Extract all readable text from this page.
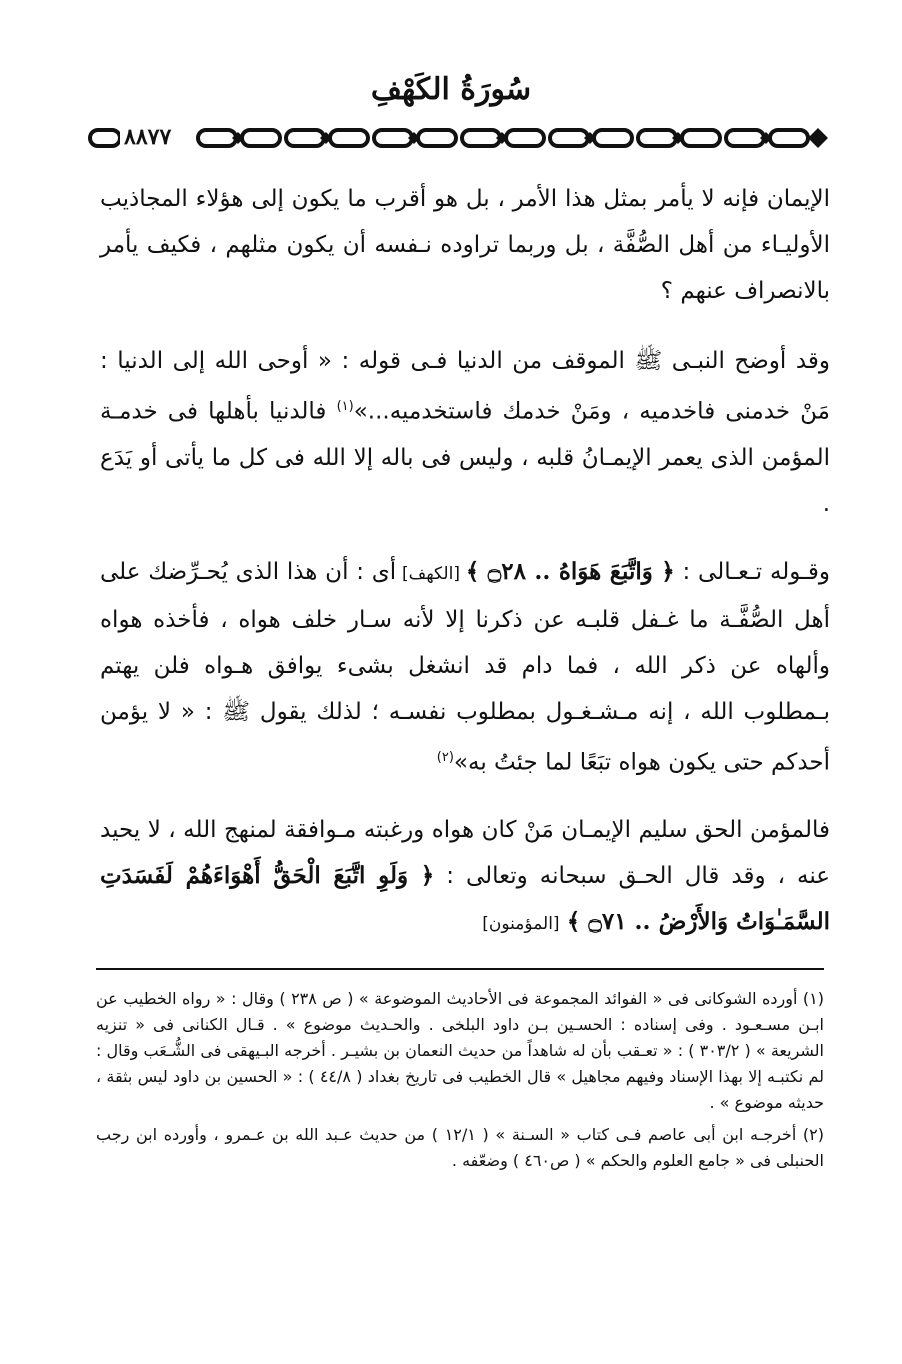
سُورَةُ الكَهْفِ
٨٨٧٧

الإيمان فإنه لا يأمر بمثل هذا الأمر ، بل هو أقرب ما يكون إلى هؤلاء المجاذيب الأوليـاء من أهل الصُّفَّة ، بل وربما تراوده نـفسه أن يكون مثلهم ، فكيف يأمر بالانصراف عنهم ؟

وقد أوضح النبـى ﷺ الموقف من الدنيا فـى قوله : « أوحى الله إلى الدنيا : مَنْ خدمنى فاخدميه ، ومَنْ خدمك فاستخدميه...»$^{(١)}$ فالدنيا بأهلها فى خدمـة المؤمن الذى يعمر الإيمـانُ قلبه ، وليس فى باله إلا الله فى كل ما يأتى أو يَدَع .

وقـوله تـعـالى : ﴿ وَاتَّبَعَ هَوَاهُ .. ۝٢٨ ﴾ [الكهف] أى : أن هذا الذى يُحـرِّضك على أهل الصُّفَّـة ما غـفل قلبـه عن ذكرنا إلا لأنه سـار خلف هواه ، فأخذه هواه وألهاه عن ذكر الله ، فما دام قد انشغل بشىء يوافق هـواه فلن يهتم بـمطلوب الله ، إنه مـشـغـول بمطلوب نفسـه ؛ لذلك يقول ﷺ : « لا يؤمن أحدكم حتى يكون هواه تبَعًا لما جئتُ به»$^{(٢)}$

فالمؤمن الحق سليم الإيمـان مَنْ كان هواه ورغبته مـوافقة لمنهج الله ، لا يحيد عنه ، وقد قال الحـق سبحانه وتعالى : ﴿ وَلَوِ اتَّبَعَ الْحَقُّ أَهْوَاءَهُمْ لَفَسَدَتِ السَّمَـٰوَاتُ وَالأَرْضُ .. ۝٧١ ﴾ [المؤمنون]

(١) أورده الشوكانى فى « الفوائد المجموعة فى الأحاديث الموضوعة » ( ص ٢٣٨ ) وقال : « رواه الخطيب عن ابـن مسـعـود . وفى إسناده : الحسـين بـن داود البلخى . والحـديث موضوع » . قـال الكنانى فى « تنزيه الشريعة » ( ٣٠٣/٢ ) : « تعـقب بأن له شاهداً من حديث النعمان بن بشيـر . أخرجه البـيهقى فى الشُّـعَب وقال : لم نكتبـه إلا بهذا الإسناد وفيهم مجاهيل » قال الخطيب فى تاريخ بغداد ( ٤٤/٨ ) : « الحسين بن داود ليس بثقة ، حديثه موضوع » .

(٢) أخرجـه ابن أبى عاصم فـى كتاب « السـنة » ( ١٢/١ ) من حديث عـبد الله بن عـمرو ، وأورده ابن رجب الحنبلى فى « جامع العلوم والحكم » ( ص٤٦٠ ) وضعّفه .
